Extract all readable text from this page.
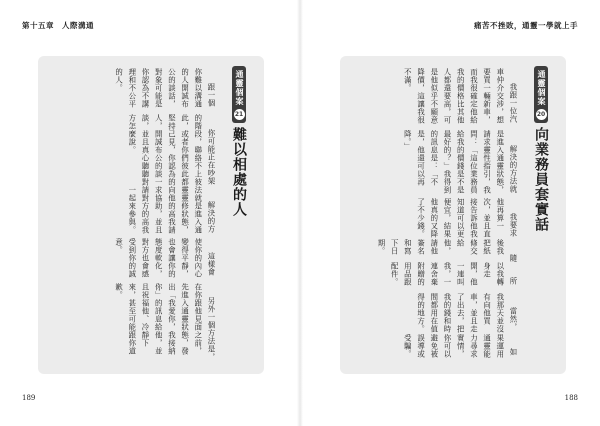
第十五章　人際溝通
通靈個案
21
難以相處的人

跟一個你難以溝通的人開誠布公的談話，對象可能是你認為不講理和不公平的人。

你可能正在吵架的階段，聯絡不上彼此，或者你們彼此都堅持己見，你認為的人，開誠布公的談一談，並且真心聽聽對方怎麼說。

解決的方法就是進入通靈靈修狀態，向他的高我請求協助，並且請對方的高我一起來參與。

這樣會使你的內心變得平靜，也會讓你的態度軟化，對方也會感受到你的誠意。

另外一個方法是，在你跟他見面之前，先進入通靈狀態，發出「我愛你，我接納你」的訊息給他，並且祝福他、冷靜下來，甚至可能跟你道歉。

189
痛苦不挫敗，通靈一學就上手
通靈個案
20
向業務員套實話

我跟一位汽車仲介交涉，想要買一輛新車，而我很確定他給我的價格比其他人都還要高，可是他似乎不願意降價，這讓我很不滿。

解決的方法就是進入通靈狀態，請求靈性指引，我問：「這位業務員給我的價錢是不是最好的？」我得到的訊息是：「不是，他還可以再降。」

我要求他再算一次，並且直接告訴他我知道可以更便宜，結果他真的又降了不少錢。

隨後我把紙條交給他，請他簽名和寫下日期。

所以我轉身走開，他一連叫我，一連舍棄附贈的用品跟配件。

當然，我那天並沒有向他買車，並且走了出去，把我的錢和時間都用在值得的地方。

如果運用通靈能力尋求實情，你可以避免被誤導或受騙。

188
